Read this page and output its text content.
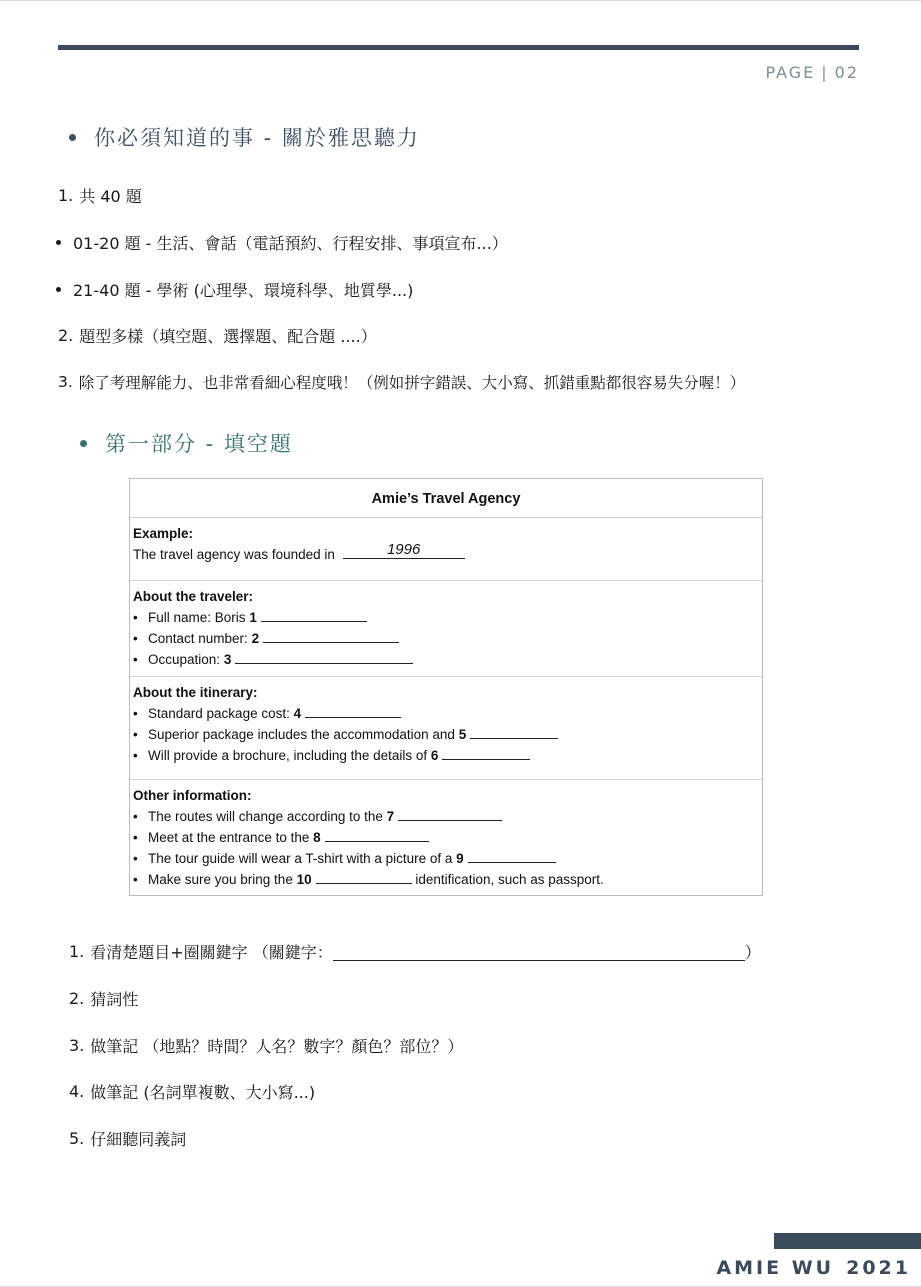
PAGE | 02
你必須知道的事 - 關於雅思聽力
1. 共 40 題
01-20 題 - 生活、會話（電話預約、行程安排、事項宣布...）
21-40 題 - 學術 (心理學、環境科學、地質學...)
2. 題型多樣（填空題、選擇題、配合題 ....）
3. 除了考理解能力、也非常看細心程度哦！（例如拼字錯誤、大小寫、抓錯重點都很容易失分喔！）
第一部分 - 填空題
Amie’s Travel Agency
Example:
The travel agency was founded in	1996
About the traveler:
• Full name: Boris 1
• Contact number: 2
• Occupation: 3
About the itinerary:
• Standard package cost: 4
• Superior package includes the accommodation and 5
• Will provide a brochure, including the details of 6
Other information:
• The routes will change according to the 7
• Meet at the entrance to the 8
• The tour guide will wear a T-shirt with a picture of a 9
• Make sure you bring the 10	identification, such as passport.
1. 看清楚題目+圈關鍵字 （關鍵字：	）
2. 猜詞性
3. 做筆記 （地點？時間？人名？數字？顏色？部位？）
4. 做筆記 (名詞單複數、大小寫...)
5. 仔細聽同義詞
AMIE WU 2021
